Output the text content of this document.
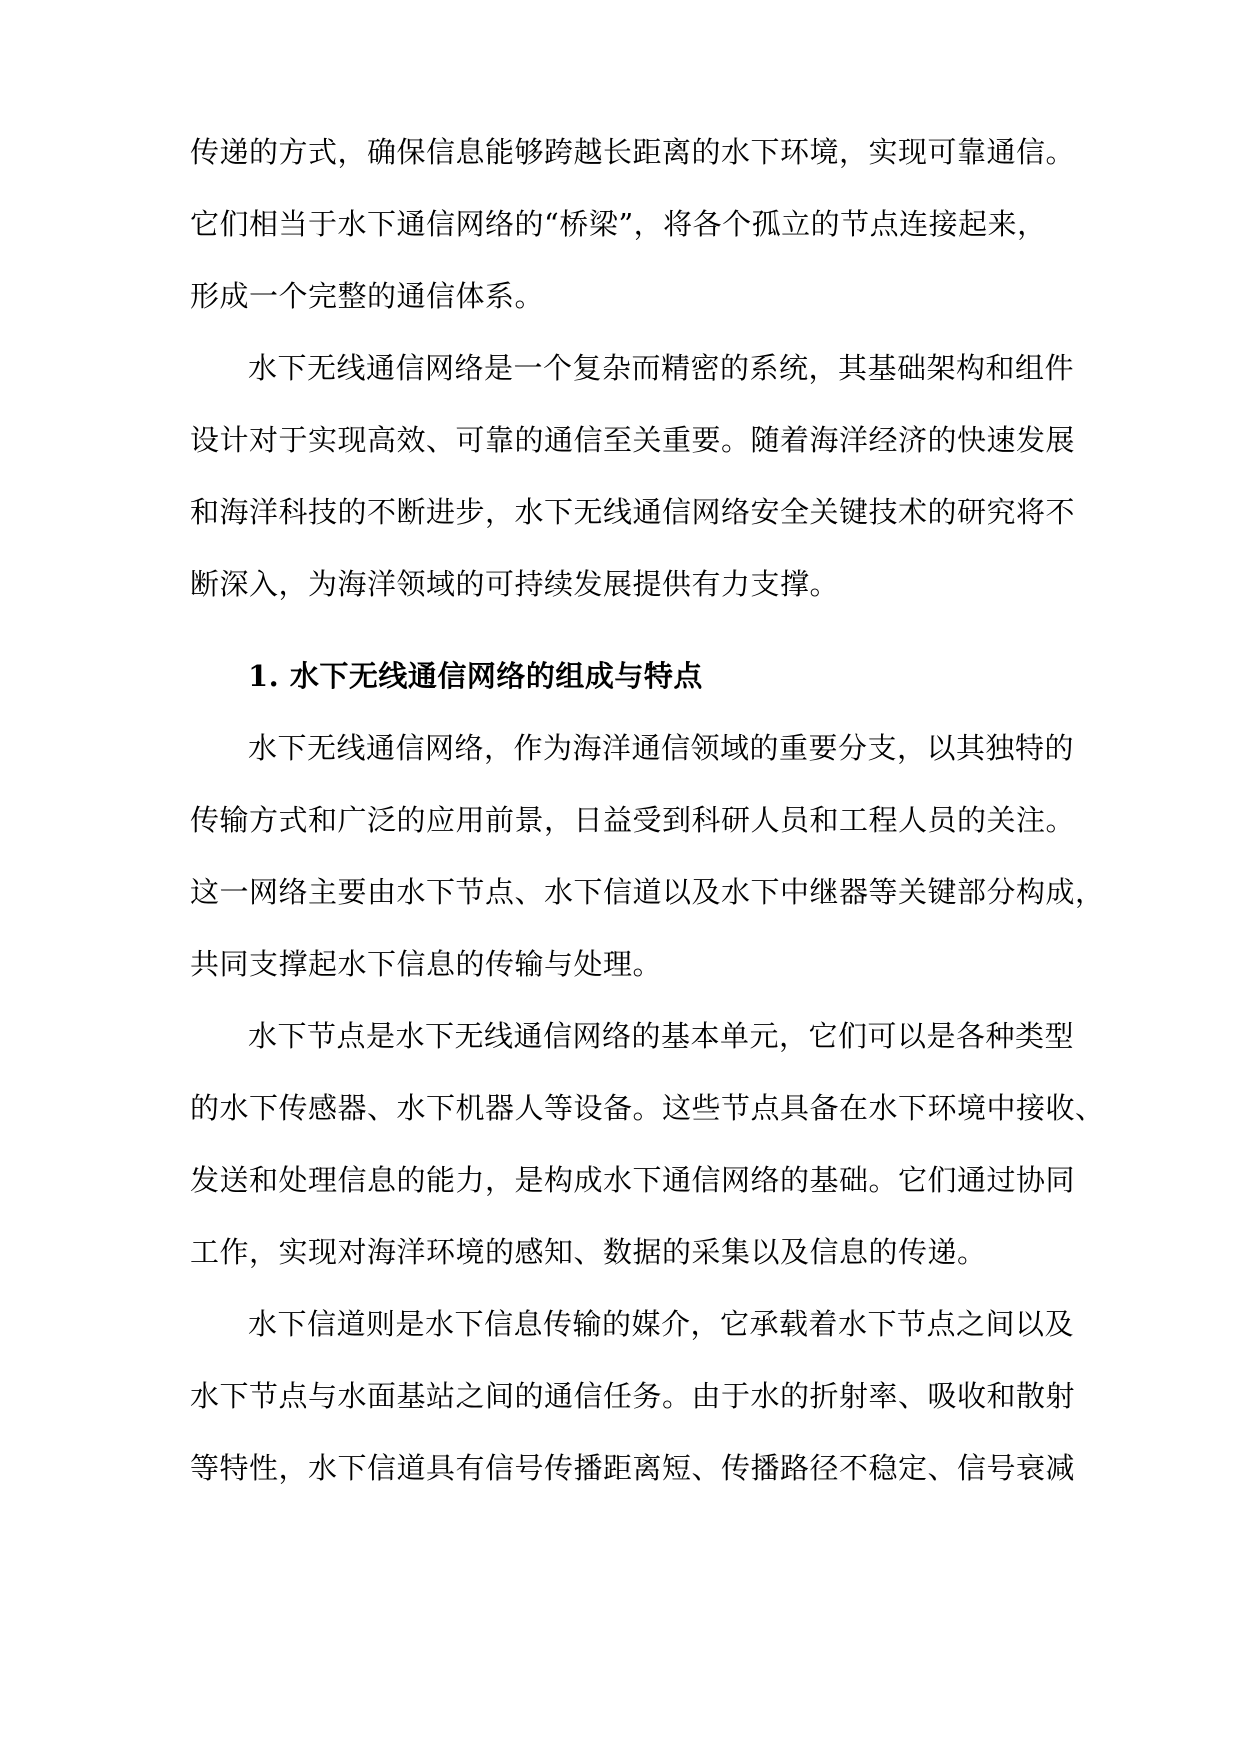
传递的方式，确保信息能够跨越长距离的水下环境，实现可靠通信。
它们相当于水下通信网络的“桥梁”，将各个孤立的节点连接起来，
形成一个完整的通信体系。
水下无线通信网络是一个复杂而精密的系统，其基础架构和组件
设计对于实现高效、可靠的通信至关重要。随着海洋经济的快速发展
和海洋科技的不断进步，水下无线通信网络安全关键技术的研究将不
断深入，为海洋领域的可持续发展提供有力支撑。
1. 水下无线通信网络的组成与特点
水下无线通信网络，作为海洋通信领域的重要分支，以其独特的
传输方式和广泛的应用前景，日益受到科研人员和工程人员的关注。
这一网络主要由水下节点、水下信道以及水下中继器等关键部分构成，
共同支撑起水下信息的传输与处理。
水下节点是水下无线通信网络的基本单元，它们可以是各种类型
的水下传感器、水下机器人等设备。这些节点具备在水下环境中接收、
发送和处理信息的能力，是构成水下通信网络的基础。它们通过协同
工作，实现对海洋环境的感知、数据的采集以及信息的传递。
水下信道则是水下信息传输的媒介，它承载着水下节点之间以及
水下节点与水面基站之间的通信任务。由于水的折射率、吸收和散射
等特性，水下信道具有信号传播距离短、传播路径不稳定、信号衰减
